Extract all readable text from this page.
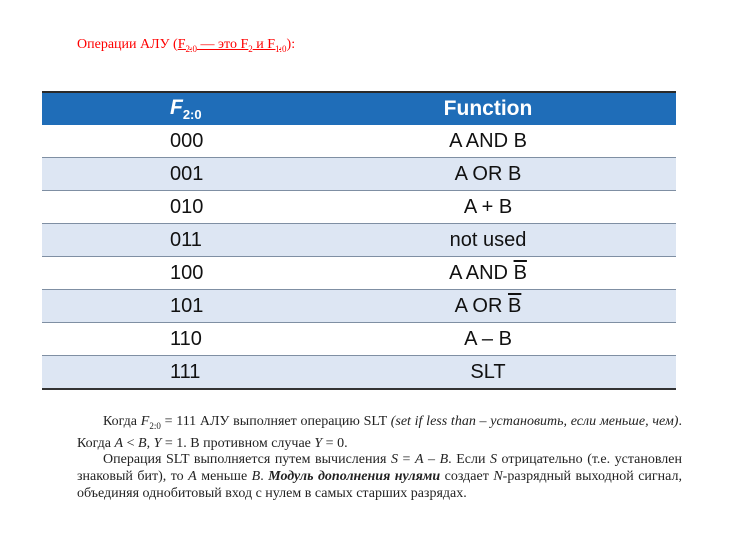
Операции АЛУ ($F_{2:0}$ — это $F_2$ и $F_{1:0}$):
$F_{2:0}$	Function
000	A AND B
001	A OR B
010	A + B
011	not used
100	A AND $\overline{B}$
101	A OR $\overline{B}$
110	A – B
111	SLT

Когда $F_{2:0} = 111$ АЛУ выполняет операцию SLT (set if less than – установить, если меньше, чем). Когда A < B, Y = 1. В противном случае Y = 0.

Операция SLT выполняется путем вычисления S = A – B. Если S отрицательно (т.е. установлен знаковый бит), то A меньше B. Модуль дополнения нулями создает N-разрядный выходной сигнал, объединяя однобитовый вход с нулем в самых старших разрядах.
